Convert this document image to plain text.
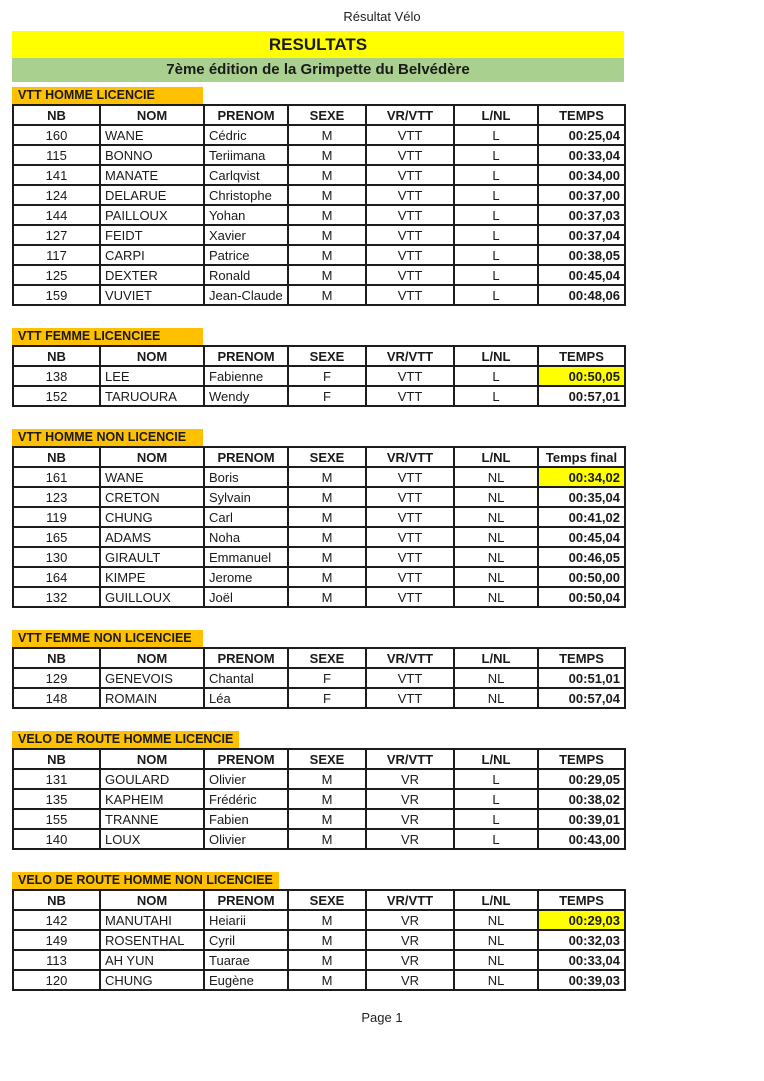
Résultat Vélo
RESULTATS
7ème édition de la Grimpette du Belvédère
VTT HOMME LICENCIE
NB	NOM	PRENOM	SEXE	VR/VTT	L/NL	TEMPS
160	WANE	Cédric	M	VTT	L	00:25,04
115	BONNO	Teriimana	M	VTT	L	00:33,04
141	MANATE	Carlqvist	M	VTT	L	00:34,00
124	DELARUE	Christophe	M	VTT	L	00:37,00
144	PAILLOUX	Yohan	M	VTT	L	00:37,03
127	FEIDT	Xavier	M	VTT	L	00:37,04
117	CARPI	Patrice	M	VTT	L	00:38,05
125	DEXTER	Ronald	M	VTT	L	00:45,04
159	VUVIET	Jean-Claude	M	VTT	L	00:48,06
VTT FEMME LICENCIEE
NB	NOM	PRENOM	SEXE	VR/VTT	L/NL	TEMPS
138	LEE	Fabienne	F	VTT	L	00:50,05
152	TARUOURA	Wendy	F	VTT	L	00:57,01
VTT HOMME NON LICENCIE
NB	NOM	PRENOM	SEXE	VR/VTT	L/NL	Temps final
161	WANE	Boris	M	VTT	NL	00:34,02
123	CRETON	Sylvain	M	VTT	NL	00:35,04
119	CHUNG	Carl	M	VTT	NL	00:41,02
165	ADAMS	Noha	M	VTT	NL	00:45,04
130	GIRAULT	Emmanuel	M	VTT	NL	00:46,05
164	KIMPE	Jerome	M	VTT	NL	00:50,00
132	GUILLOUX	Joël	M	VTT	NL	00:50,04
VTT FEMME NON LICENCIEE
NB	NOM	PRENOM	SEXE	VR/VTT	L/NL	TEMPS
129	GENEVOIS	Chantal	F	VTT	NL	00:51,01
148	ROMAIN	Léa	F	VTT	NL	00:57,04
VELO DE ROUTE HOMME LICENCIE
NB	NOM	PRENOM	SEXE	VR/VTT	L/NL	TEMPS
131	GOULARD	Olivier	M	VR	L	00:29,05
135	KAPHEIM	Frédéric	M	VR	L	00:38,02
155	TRANNE	Fabien	M	VR	L	00:39,01
140	LOUX	Olivier	M	VR	L	00:43,00
VELO DE ROUTE HOMME NON LICENCIEE
NB	NOM	PRENOM	SEXE	VR/VTT	L/NL	TEMPS
142	MANUTAHI	Heiarii	M	VR	NL	00:29,03
149	ROSENTHAL	Cyril	M	VR	NL	00:32,03
113	AH YUN	Tuarae	M	VR	NL	00:33,04
120	CHUNG	Eugène	M	VR	NL	00:39,03
Page 1
